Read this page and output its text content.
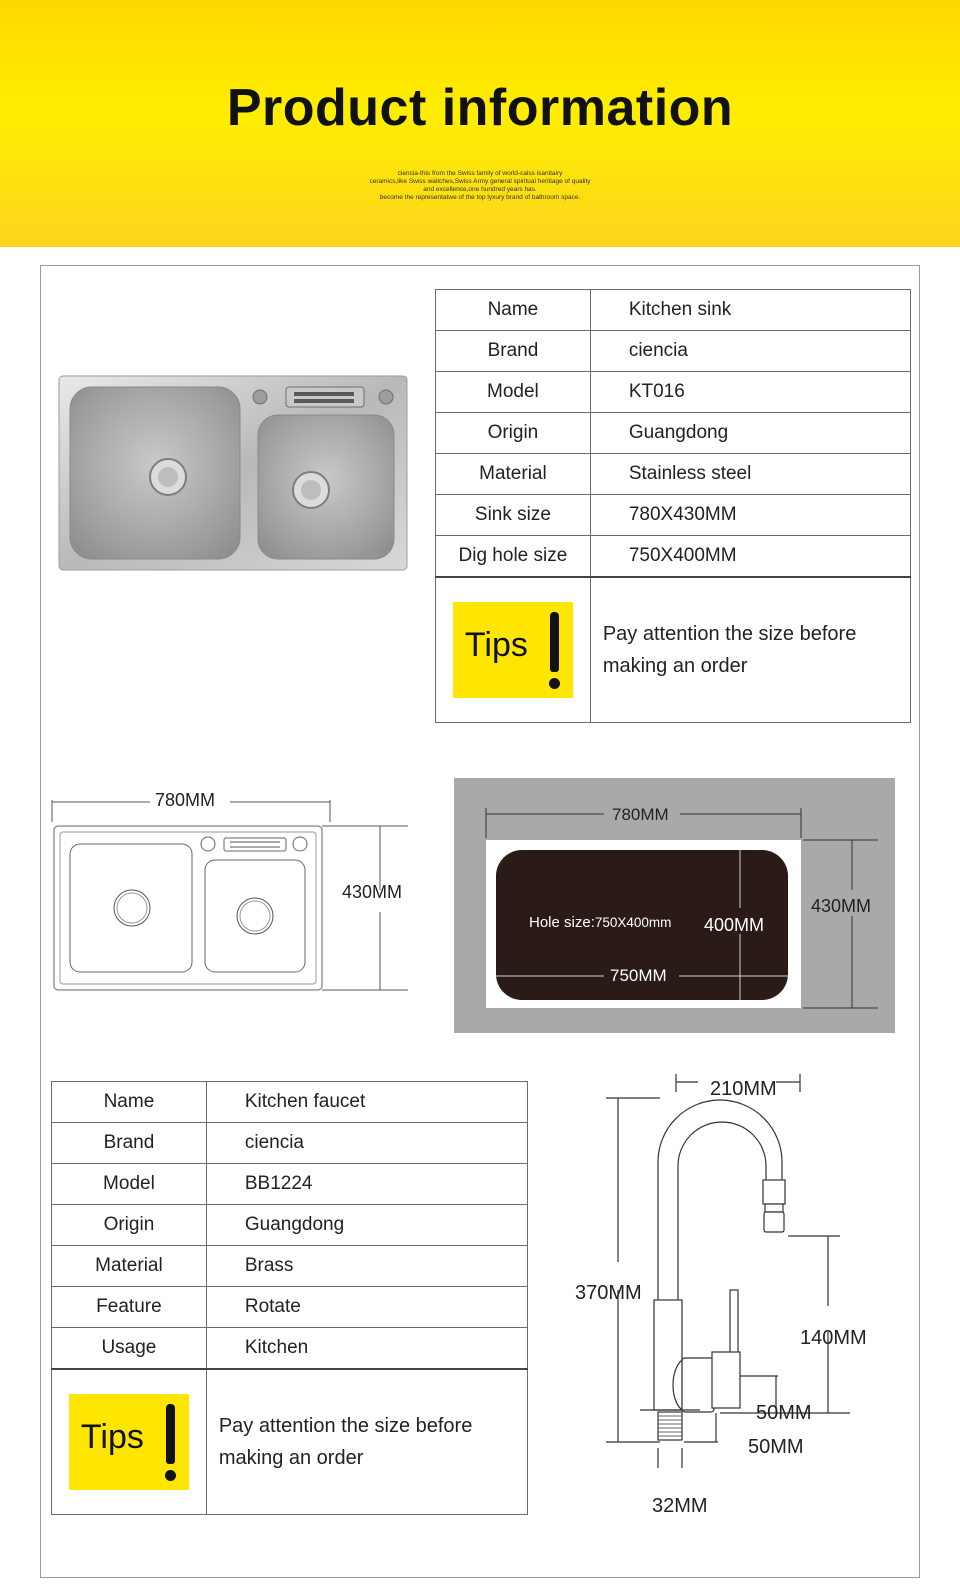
Product information
ciencia-this from the Swiss family of world-calss isanitairy
ceramics,like Swiss waitches,Swiss Army general spiritual heritiage of quality
and excellence,one hundred years has.
become the representatwe of the top lyxury brand of bathroom space.
Name	Kitchen sink
Brand	ciencia
Model	KT016
Origin	Guangdong
Material	Stainless steel
Sink size	780X430MM
Dig hole size	750X400MM

Tips	Pay attention the size before making an order
780MM
430MM
780MM
430MM
Hole size:750X400mm 400MM
750MM
Name	Kitchen faucet
Brand	ciencia
Model	BB1224
Origin	Guangdong
Material	Brass
Feature	Rotate
Usage	Kitchen

Tips	Pay attention the size before making an order
210MM
370MM
140MM
50MM
50MM
32MM
